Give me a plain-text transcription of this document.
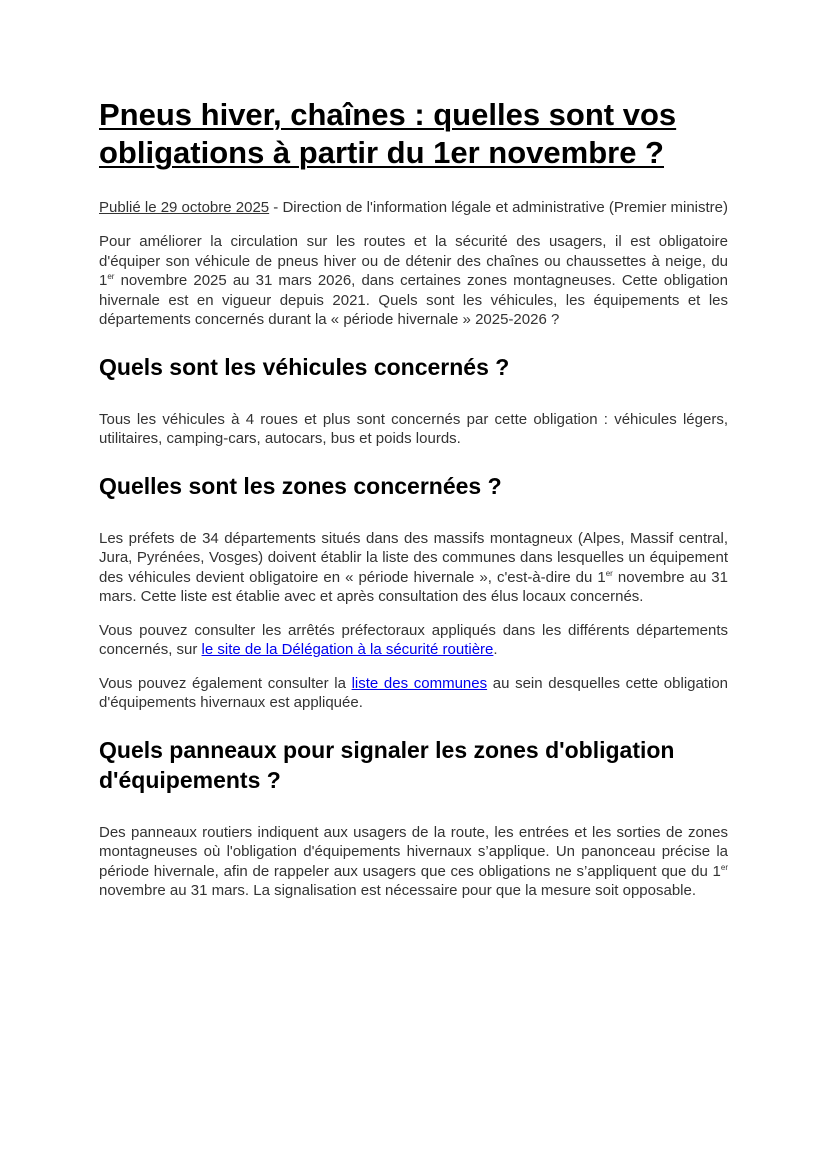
Pneus hiver, chaînes : quelles sont vos obligations à partir du 1er novembre ?
Publié le 29 octobre 2025 - Direction de l'information légale et administrative (Premier ministre)

Pour améliorer la circulation sur les routes et la sécurité des usagers, il est obligatoire d'équiper son véhicule de pneus hiver ou de détenir des chaînes ou chaussettes à neige, du 1er novembre 2025 au 31 mars 2026, dans certaines zones montagneuses. Cette obligation hivernale est en vigueur depuis 2021. Quels sont les véhicules, les équipements et les départements concernés durant la « période hivernale » 2025-2026 ?

Quels sont les véhicules concernés ?

Tous les véhicules à 4 roues et plus sont concernés par cette obligation : véhicules légers, utilitaires, camping-cars, autocars, bus et poids lourds.

Quelles sont les zones concernées ?

Les préfets de 34 départements situés dans des massifs montagneux (Alpes, Massif central, Jura, Pyrénées, Vosges) doivent établir la liste des communes dans lesquelles un équipement des véhicules devient obligatoire en « période hivernale », c'est-à-dire du 1er novembre au 31 mars. Cette liste est établie avec et après consultation des élus locaux concernés.

Vous pouvez consulter les arrêtés préfectoraux appliqués dans les différents départements concernés, sur le site de la Délégation à la sécurité routière.

Vous pouvez également consulter la liste des communes au sein desquelles cette obligation d'équipements hivernaux est appliquée.

Quels panneaux pour signaler les zones d'obligation d'équipements ?

Des panneaux routiers indiquent aux usagers de la route, les entrées et les sorties de zones montagneuses où l'obligation d'équipements hivernaux s’applique. Un panonceau précise la période hivernale, afin de rappeler aux usagers que ces obligations ne s’appliquent que du 1er novembre au 31 mars. La signalisation est nécessaire pour que la mesure soit opposable.
